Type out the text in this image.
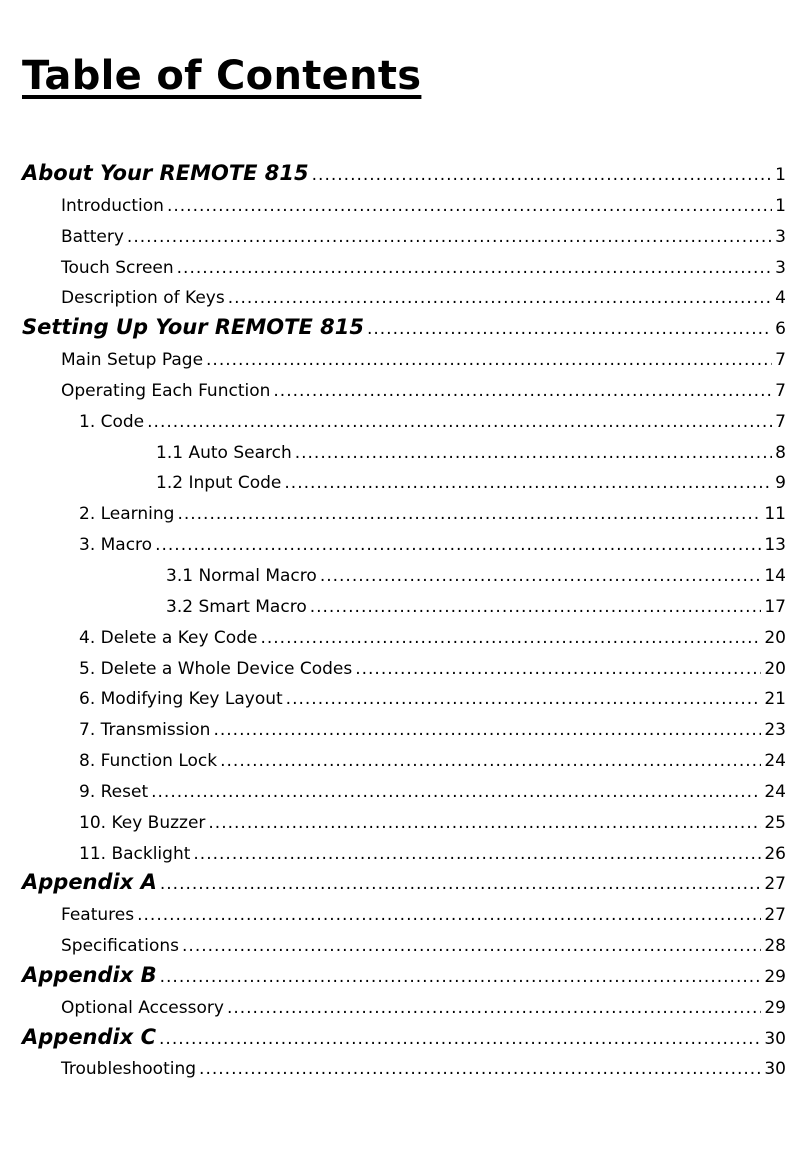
Table of Contents
About Your REMOTE 815 .....	1
Introduction .....	1
Battery .....	3
Touch Screen .....	3
Description of Keys .....	4
Setting Up Your REMOTE 815 .....	6
Main Setup Page .....	7
Operating Each Function .....	7
1. Code .....	7
1.1 Auto Search .....	8
1.2 Input Code .....	9
2. Learning .....	11
3. Macro .....	13
3.1 Normal Macro .....	14
3.2 Smart Macro .....	17
4. Delete a Key Code .....	20
5. Delete a Whole Device Codes .....	20
6. Modifying Key Layout .....	21
7. Transmission .....	23
8. Function Lock .....	24
9. Reset .....	24
10. Key Buzzer .....	25
11. Backlight .....	26
Appendix A .....	27
Features .....	27
Specifications .....	28
Appendix B .....	29
Optional Accessory .....	29
Appendix C .....	30
Troubleshooting .....	30
